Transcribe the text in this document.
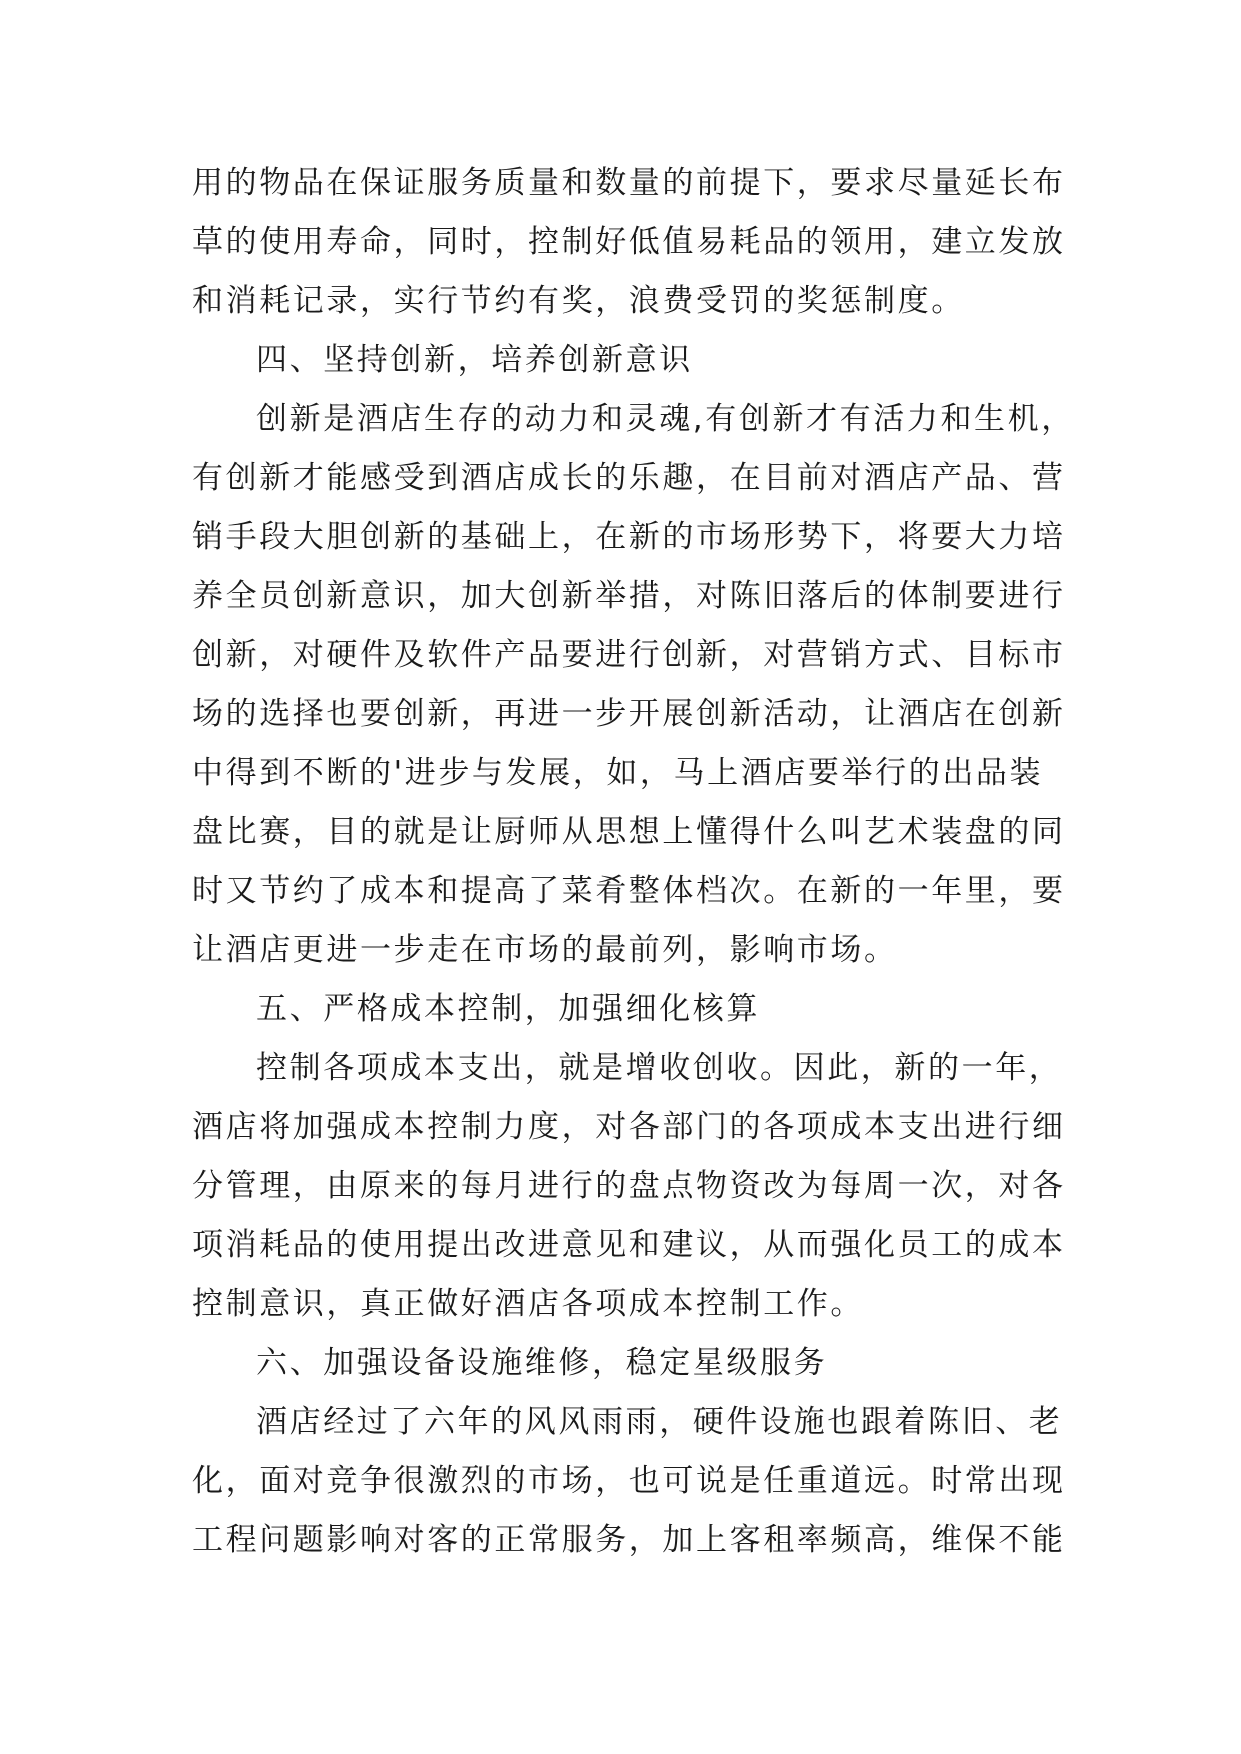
用的物品在保证服务质量和数量的前提下，要求尽量延长布
草的使用寿命，同时，控制好低值易耗品的领用，建立发放
和消耗记录，实行节约有奖，浪费受罚的奖惩制度。
四、坚持创新，培养创新意识
创新是酒店生存的动力和灵魂,有创新才有活力和生机，
有创新才能感受到酒店成长的乐趣，在目前对酒店产品、营
销手段大胆创新的基础上，在新的市场形势下，将要大力培
养全员创新意识，加大创新举措，对陈旧落后的体制要进行
创新，对硬件及软件产品要进行创新，对营销方式、目标市
场的选择也要创新，再进一步开展创新活动，让酒店在创新
中得到不断的'进步与发展，如，马上酒店要举行的出品装
盘比赛，目的就是让厨师从思想上懂得什么叫艺术装盘的同
时又节约了成本和提高了菜肴整体档次。在新的一年里，要
让酒店更进一步走在市场的最前列，影响市场。
五、严格成本控制，加强细化核算
控制各项成本支出，就是增收创收。因此，新的一年，
酒店将加强成本控制力度，对各部门的各项成本支出进行细
分管理，由原来的每月进行的盘点物资改为每周一次，对各
项消耗品的使用提出改进意见和建议，从而强化员工的成本
控制意识，真正做好酒店各项成本控制工作。
六、加强设备设施维修，稳定星级服务
酒店经过了六年的风风雨雨，硬件设施也跟着陈旧、老
化，面对竞争很激烈的市场，也可说是任重道远。时常出现
工程问题影响对客的正常服务，加上客租率频高，维保不能
